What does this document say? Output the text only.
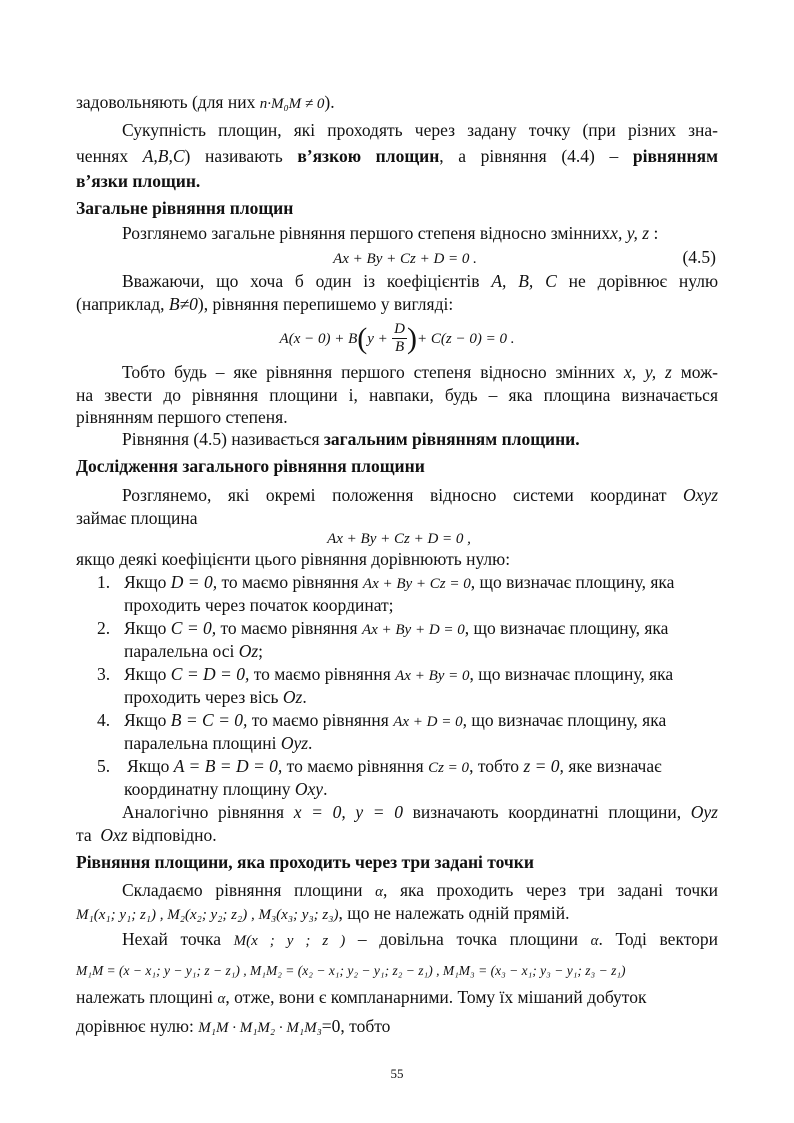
задовольняють (для них n·M₀M ≠ 0).
Сукупність площин, які проходять через задану точку (при різних зна-
ченнях A,B,C) називають в’язкою площин, а рівняння (4.4) – рівнянням
в’язки площин.
Загальне рівняння площин
Розглянемо загальне рівняння першого степеня відносно зміннихx, y, z :
Ax + By + Cz + D = 0 .	(4.5)
Вважаючи, що хоча б один із коефіцієнтів A, B, C не дорівнює нулю
(наприклад, B≠0), рівняння перепишемо у вигляді:
$A(x - 0) + B(y + \frac{D}{B}$ )+ C(z − 0) = 0 .
Тобто будь – яке рівняння першого степеня відносно змінних x, y, z мож-
на звести до рівняння площини і, навпаки, будь – яка площина визначається
рівнянням першого степеня.
Рівняння (4.5) називається загальним рівнянням площини.
Дослідження загального рівняння площини
Розглянемо, які окремі положення відносно системи координат Oxyz
займає площина
Ax + By + Cz + D = 0 ,
якщо деякі коефіцієнти цього рівняння дорівнюють нулю:
1. Якщо D = 0, то маємо рівняння Ax + By + Cz = 0, що визначає площину, яка
проходить через початок координат;
2. Якщо C = 0, то маємо рівняння Ax + By + D = 0, що визначає площину, яка
паралельна осі Oz;
3. Якщо C = D = 0, то маємо рівняння Ax + By = 0, що визначає площину, яка
проходить через вісь Oz.
4. Якщо B = C = 0, то маємо рівняння Ax + D = 0, що визначає площину, яка
паралельна площині Oyz.
5. Якщо A = B = D = 0, то маємо рівняння Cz = 0, тобто z = 0, яке визначає
координатну площину Oxy.
Аналогічно рівняння x = 0, y = 0 визначають координатні площини, Oyz
та Oxz відповідно.
Рівняння площини, яка проходить через три задані точки
Складаємо рівняння площини α, яка проходить через три задані точки
M₁(x₁; y₁; z₁) , M₂(x₂; y₂; z₂) , M₃(x₃; y₃; z₃), що не належать одній прямій.
Нехай точка M(x ; y ; z ) – довільна точка площини α. Тоді вектори
M₁M = (x − x₁; y − y₁; z − z₁) , M₁M₂ = (x₂ − x₁; y₂ − y₁; z₂ − z₁) , M₁M₃ = (x₃ − x₁; y₃ − y₁; z₃ − z₁)
належать площині α, отже, вони є компланарними. Тому їх мішаний добуток
дорівнює нулю: M₁M · M₁M₂ · M₁M₃=0, тобто
55
